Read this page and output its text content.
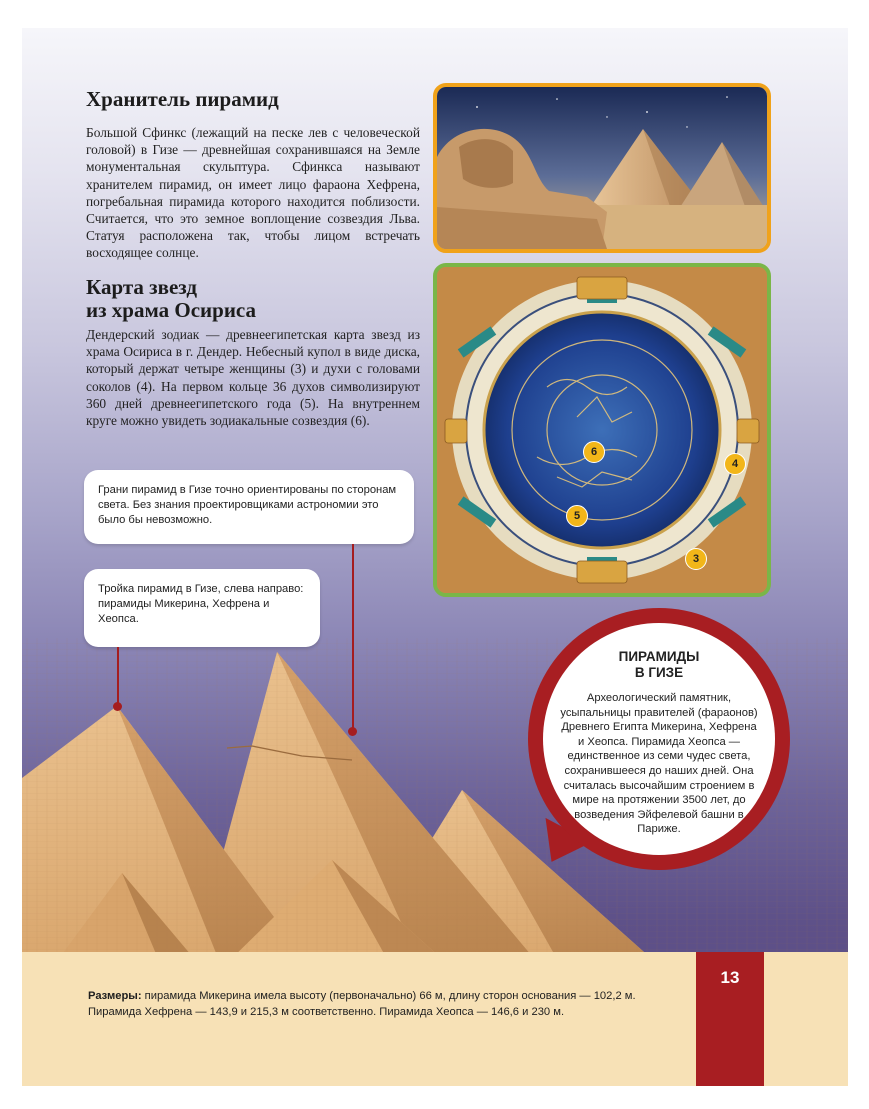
Хранитель пирамид

Большой Сфинкс (лежащий на песке лев с человеческой головой) в Гизе — древнейшая сохранившаяся на Земле монументальная скульптура. Сфинкса называют хранителем пирамид, он имеет лицо фараона Хефрена, погребальная пирамида которого находится поблизости. Считается, что это земное воплощение созвездия Льва. Статуя расположена так, чтобы лицом встречать восходящее солнце.

Карта звезд
из храма Осириса

Дендерский зодиак — древнеегипетская карта звезд из храма Осириса в г. Дендер. Небесный купол в виде диска, который держат четыре женщины (3) и духи с головами соколов (4). На первом кольце 36 духов символизируют 360 дней древнеегипетского года (5). На внутреннем круге можно увидеть зодиакальные созвездия (6).

6
4
5
3
Грани пирамид в Гизе точно ориентированы по сторонам света. Без знания проектировщиками астрономии это было бы невозможно.
Тройка пирамид в Гизе, слева направо: пирамиды Микерина, Хефрена и Хеопса.

ПИРАМИДЫ
В ГИЗЕ

Археологический памятник, усыпальницы правителей (фараонов) Древнего Египта Микерина, Хефрена и Хеопса. Пирамида Хеопса — единственное из семи чудес света, сохранившееся до наших дней. Она считалась высочайшим строением в мире на протяжении 3500 лет, до возведения Эйфелевой башни в Париже.

Размеры: пирамида Микерина имела высоту (первоначально) 66 м, длину сторон основания — 102,2 м. Пирамида Хефрена — 143,9 и 215,3 м соответственно. Пирамида Хеопса — 146,6 и 230 м.

13
